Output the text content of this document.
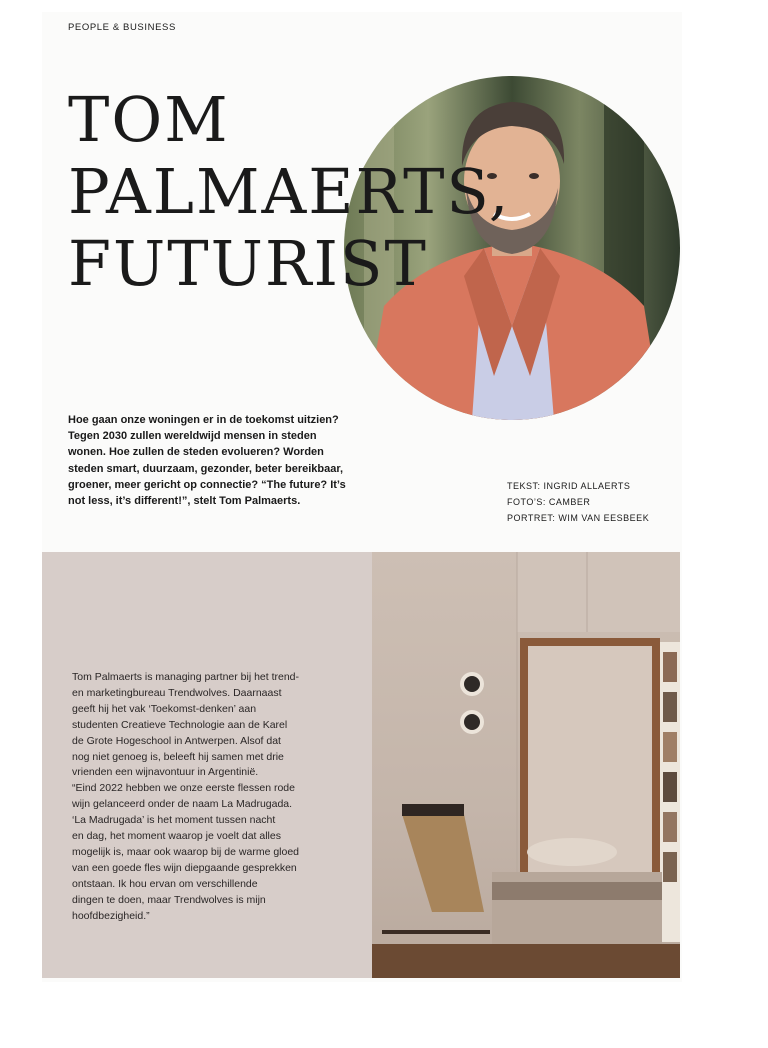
PEOPLE & BUSINESS
TOM
PALMAERTS,
FUTURIST

Hoe gaan onze woningen er in de toekomst uitzien? Tegen 2030 zullen wereldwijd mensen in steden wonen. Hoe zullen de steden evolueren? Worden steden smart, duurzaam, gezonder, beter bereikbaar, groener, meer gericht op connectie? “The future? It’s not less, it’s different!”, stelt Tom Palmaerts.

TEKST: INGRID ALLAERTS
FOTO’S: CAMBER
PORTRET: WIM VAN EESBEEK

Tom Palmaerts is managing partner bij het trend-
en marketingbureau Trendwolves. Daarnaast
geeft hij het vak ‘Toekomst-denken’ aan
studenten Creatieve Technologie aan de Karel
de Grote Hogeschool in Antwerpen. Alsof dat
nog niet genoeg is, beleeft hij samen met drie
vrienden een wijnavontuur in Argentinië.
“Eind 2022 hebben we onze eerste flessen rode
wijn gelanceerd onder de naam La Madrugada.
‘La Madrugada’ is het moment tussen nacht
en dag, het moment waarop je voelt dat alles
mogelijk is, maar ook waarop bij de warme gloed
van een goede fles wijn diepgaande gesprekken
ontstaan. Ik hou ervan om verschillende
dingen te doen, maar Trendwolves is mijn
hoofdbezigheid.”
